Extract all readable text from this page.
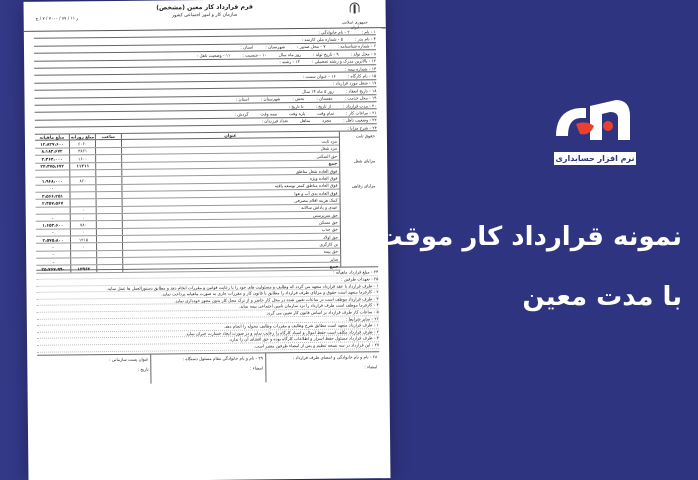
جمهوری اسلامی ایران
فرم قرارداد کار معین (مشخص)
سازمان کار و امور اجتماعی کشور
ر ۱۱ / ۸۷ / ۷۰۰۰ / ۷ / ج
۱ - نام :
۲ - نام خانوادگی :
۴ - نام پدر :
۵ - شماره ملی کارمند :
۶ - شماره شناسنامه :
۷ - محل صدور :
شهرستان :
استان :
۸ - محل تولد :
۹ - تاریخ تولد :
روز ماه سال
۱۰ - جنسیت :
۱۱ - وضعیت تاهل :
۱۲ - بالاترین مدرک و رشته تحصیلی :
۱۳ - رشته :
۱۴ - شماره بیمه :
۱۵ - نام کارگاه :
۱۶ - عنوان سمت :
۱۷ - شغل مورد قرارداد :
۱۸ - تاریخ انعقاد :
روز ۵ ماه ۱۴ سال
۱۹ - محل خدمت :
دهستان :
بخش :
شهرستان :
استان :
۲۰ - مدت قرارداد :
از تاریخ :
تا تاریخ :
۲۱ - ساعات کار :
تمام وقت
پاره وقت
نیمه وقت
گردش :
۲۲ - وضعیت تاهل :
مجرد
متاهل
تعداد فرزندان :
۲۳ - شرح مزایا :
حقوق ثابت
مزایای شغل
مزایای رفاهی
عنوان
ساعت
مبلغ روزانه
مبلغ ماهیانه
مزد ثابت
۶۰۶۰
۱۲،۸۲۷،۶۰۰
مزد شغل
۳۸۶۱
۸،۱۸۳،۶۷۲
حق السکنی
۱۶۰۰
۳،۴۶۴،۰۰۰
جمع
۱۱۲۱۱
۲۴،۴۷۵،۶۷۲
فوق العاده شغل مناطق
فوق العاده ویژه
۸۶۰
۱،۹۶۸،۰۰۰
فوق العاده مناطق کمتر توسعه یافته
۰
فوق العاده بدی آب و هوا
۳،۵۶۶،۲۵۱
کمک هزینه اقلام مصرفی
۲،۴۵۷،۵۶۷
عیدی و پاداش سالانه
۰
حق سرپرستی
۰
۰
حق مسکن
۷۸۰
۱،۶۵۳،۶۰۰
حق جذب
۰
۰
حق اولاد
۱۲۱۵
۲،۵۷۵،۸۰۰
بن کارگری
۰
۰
حق بیمه
۰
سایر
۰
جمع
۱۳۹۶۲
۲۵،۷۶۷،۹۹۰

۲۴ - مبلغ قرارداد ماهیانه :

۲۵ - تعهدات طرفین :

۱ - طرف قرارداد با عقد قرارداد متعهد می گردد که وظایف و مسئولیت های خود را با رعایت قوانین و مقررات انجام دهد و مطابق دستورالعمل ها عمل نماید.

۲ - کارفرما متعهد است حقوق و مزایای طرف قرارداد را مطابق با قانون کار و مقررات جاری به صورت ماهیانه پرداخت نماید.

۳ - طرف قرارداد موظف است در ساعات تعیین شده در محل کار حاضر و از ترک محل کار بدون مجوز خودداری نماید.

۴ - کارفرما موظف است طرف قرارداد را نزد سازمان تامین اجتماعی بیمه نماید.

۵ - ساعات کار طرف قرارداد بر اساس قانون کار تعیین می گردد.

۲۶ - سایر شرایط :

۱ - طرف قرارداد متعهد است مطابق شرح وظایف و مقررات وظایف محوله را انجام دهد.

۲ - طرف قرارداد مکلف است حفظ اموال و اسناد کارگاه را رعایت نماید و در صورت ایجاد خسارت جبران نماید.

۳ - طرف قرارداد مسئول حفظ اسرار و اطلاعات کارگاه بوده و حق افشای آن را ندارد.

۲۷ - این قرارداد در سه نسخه تنظیم و پس از امضاء طرفین معتبر است.

۲۸ - نام و نام خانوادگی و امضای طرف قرارداد :

امضاء :
۲۹ - نام و نام خانوادگی مقام مسئول دستگاه :

امضاء :
عنوان پست سازمانی :

تاریخ :
نرم افزار حسابداری
نمونه قرارداد کار موقت
با مدت معین
